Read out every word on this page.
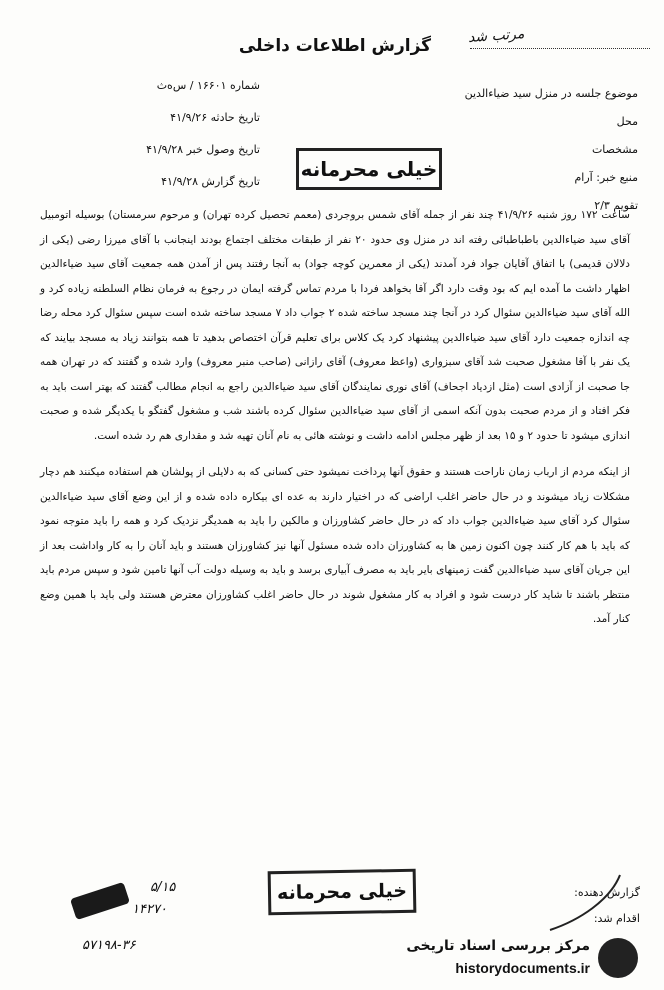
گزارش اطلاعات داخلی	مرتب شد
شماره ۱۶۶۰۱ / س‌ه‌ث
تاریخ حادثه ۴۱/۹/۲۶
تاریخ وصول خبر ۴۱/۹/۲۸
تاریخ گزارش ۴۱/۹/۲۸
موضوع جلسه در منزل سید ضیاءالدین
محل
مشخصات
منبع خبر: آرام
تقویم ۲/۳
خیلی محرمانه

ساعت ۱۷۲ روز شنبه ۴۱/۹/۲۶ چند نفر از جمله آقای شمس بروجردی (معمم تحصیل کرده تهران) و مرحوم سرمستان) بوسیله اتومبیل آقای سید ضیاءالدین باطباطبائی رفته اند در منزل وی حدود ۲۰ نفر از طبقات مختلف اجتماع بودند اینجانب با آقای میرزا رضی (یکی از دلالان قدیمی) با اتفاق آقایان جواد فرد آمدند (یکی از معمرین کوچه جواد) به آنجا رفتند پس از آمدن همه جمعیت آقای سید ضیاءالدین اظهار داشت ما آمده ایم که بود وقت دارد اگر آقا بخواهد فردا با مردم تماس گرفته ایمان در رجوع به فرمان نظام السلطنه زیاده کرد و الله آقای سید ضیاءالدین سئوال کرد در آنجا چند مسجد ساخته شده ۲ جواب داد ۷ مسجد ساخته شده است سپس سئوال کرد محله رضا چه اندازه جمعیت دارد آقای سید ضیاءالدین پیشنهاد کرد یک کلاس برای تعلیم قرآن اختصاص بدهید تا همه بتوانند زیاد به مسجد بیایند که یک نفر با آقا مشغول صحبت شد آقای سبزواری (واعظ معروف) آقای رازانی (صاحب منبر معروف) وارد شده و گفتند که در تهران همه جا صحبت از آزادی است (مثل ازدیاد اجحاف) آقای نوری نمایندگان آقای سید ضیاءالدین راجع به انجام مطالب گفتند که بهتر است باید به فکر افتاد و از مردم صحبت بدون آنکه اسمی از آقای سید ضیاءالدین سئوال کرده باشند شب و مشغول گفتگو با یکدیگر شده و صحبت اندازی میشود تا حدود ۲ و ۱۵ بعد از ظهر مجلس ادامه داشت و نوشته هائی به نام آنان تهیه شد و مقداری هم رد شده است.

از اینکه مردم از ارباب زمان ناراحت هستند و حقوق آنها پرداخت نمیشود حتی کسانی که به دلایلی از پولشان هم استفاده میکنند هم دچار مشکلات زیاد میشوند و در حال حاضر اغلب اراضی که در اختیار دارند به عده ای بیکاره داده شده و از این وضع آقای سید ضیاءالدین سئوال کرد آقای سید ضیاءالدین جواب داد که در حال حاضر کشاورزان و مالکین را باید به همدیگر نزدیک کرد و همه را باید متوجه نمود که باید با هم کار کنند چون اکنون زمین ها به کشاورزان داده شده مسئول آنها نیز کشاورزان هستند و باید آنان را به کار واداشت بعد از این جریان آقای سید ضیاءالدین گفت زمینهای بایر باید به مصرف آبیاری برسد و باید به وسیله دولت آب آنها تامین شود و سپس مردم باید منتظر باشند تا شاید کار درست شود و افراد به کار مشغول شوند در حال حاضر اغلب کشاورزان معترض هستند ولی باید با همین وضع کنار آمد.

خیلی محرمانه	گزارش دهنده:
اقدام شد:
۵/۱۵
۱۴۲۷۰
۵۷۱۹۸-۳۶	مرکز بررسی اسناد تاریخی
historydocuments.ir
